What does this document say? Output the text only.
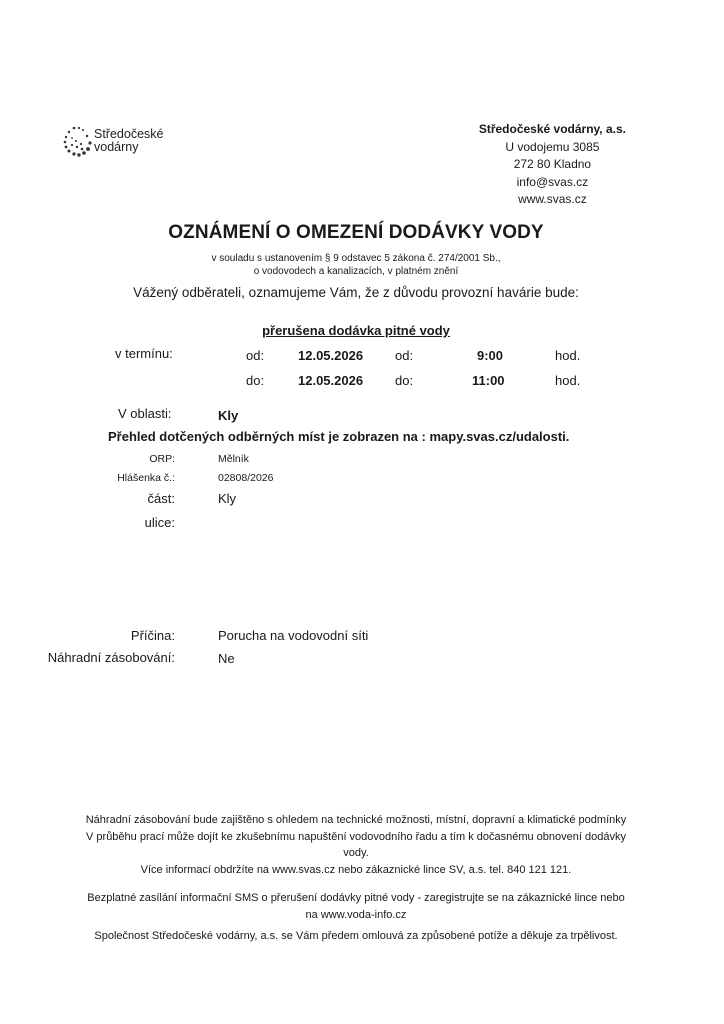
Středočeské
vodárny
Středočeské vodárny, a.s.
U vodojemu 3085
272 80 Kladno
info@svas.cz
www.svas.cz
OZNÁMENÍ O OMEZENÍ DODÁVKY VODY
v souladu s ustanovením § 9 odstavec 5 zákona č. 274/2001 Sb.,
o vodovodech a kanalizacích, v platném znění
Vážený odběrateli, oznamujeme Vám, že z důvodu provozní havárie bude:
přerušena dodávka pitné vody
v termínu:	od:	12.05.2026 od:	9:00	hod.
do:	12.05.2026 do:	11:00	hod.
V oblasti:	Kly
Přehled dotčených odběrných míst je zobrazen na : mapy.svas.cz/udalosti.
ORP:	Mělník
Hlášenka č.:	02808/2026
část:	Kly
ulice:
Příčina:	Porucha na vodovodní síti
Náhradní zásobování:	Ne
Náhradní zásobování bude zajištěno s ohledem na technické možnosti, místní, dopravní a klimatické podmínky
V průběhu prací může dojít ke zkušebnímu napuštění vodovodního řadu a tím k dočasnému obnovení dodávky
vody.
Více informací obdržíte na www.svas.cz nebo zákaznické lince SV, a.s. tel. 840 121 121.
Bezplatné zasílání informační SMS o přerušení dodávky pitné vody - zaregistrujte se na zákaznické lince nebo
na www.voda-info.cz
Společnost Středočeské vodárny, a.s. se Vám předem omlouvá za způsobené potíže a děkuje za trpělivost.
